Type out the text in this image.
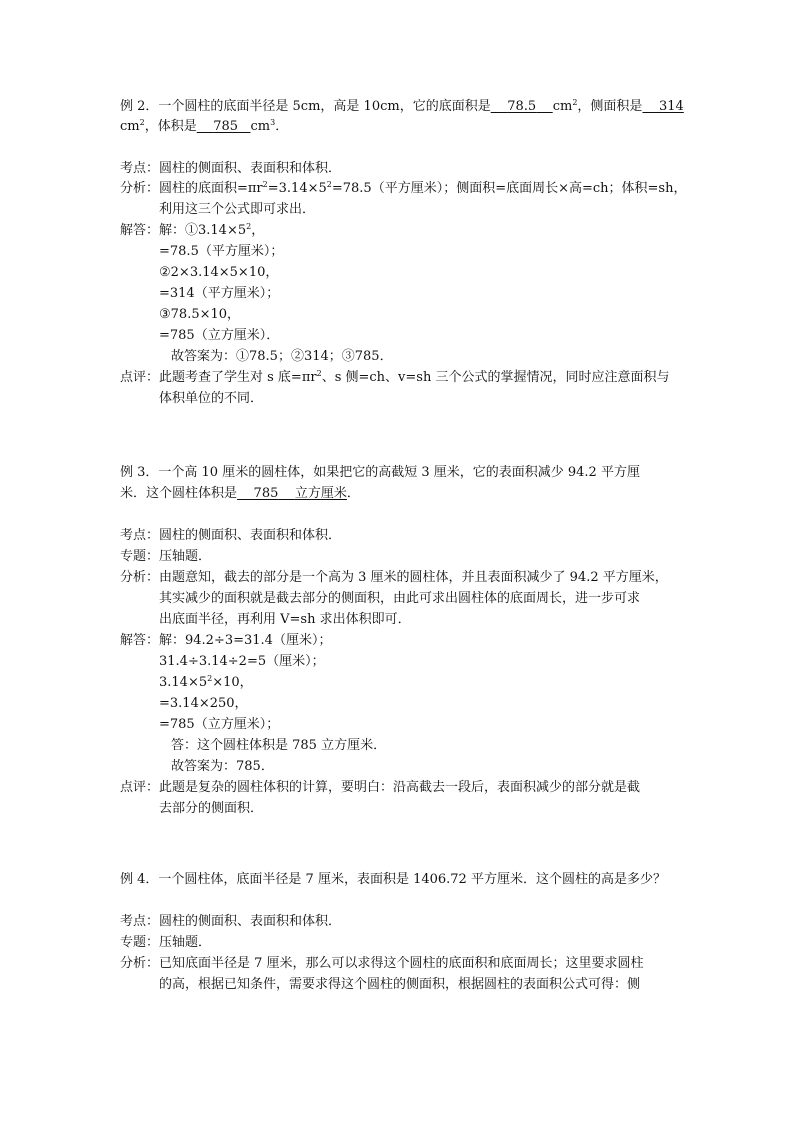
例 2．一个圆柱的底面半径是 5cm，高是 10cm，它的底面积是 78.5 $cm^2$，侧面积是 314
$cm^2$，体积是 785 $cm^3$．
考点：圆柱的侧面积、表面积和体积．
分析：圆柱的底面积$=\pi r^2=3.14\times 5^2=78.5$（平方厘米）；侧面积=底面周长×高=ch；体积=sh，
利用这三个公式即可求出．
解答：解：$①3.14\times 5^2$，
=78.5（平方厘米）；
②2×3.14×5×10，
=314（平方厘米）；
③78.5×10，
=785（立方厘米）．
故答案为：①78.5；②314；③785．
点评：此题考查了学生对 s 底$=\pi r^2$、s 侧=ch、v=sh 三个公式的掌握情况，同时应注意面积与
体积单位的不同．
例 3．一个高 10 厘米的圆柱体，如果把它的高截短 3 厘米，它的表面积减少 94.2 平方厘
米．这个圆柱体积是 785 立方厘米．
考点：圆柱的侧面积、表面积和体积．
专题：压轴题．
分析：由题意知，截去的部分是一个高为 3 厘米的圆柱体，并且表面积减少了 94.2 平方厘米，
其实减少的面积就是截去部分的侧面积，由此可求出圆柱体的底面周长，进一步可求
出底面半径，再利用 V=sh 求出体积即可．
解答：解：94.2÷3=31.4（厘米）；
31.4÷3.14÷2=5（厘米）；
$3.14\times 5^2\times 10$，
=3.14×250，
=785（立方厘米）；
答：这个圆柱体积是 785 立方厘米．
故答案为：785．
点评：此题是复杂的圆柱体积的计算，要明白：沿高截去一段后，表面积减少的部分就是截
去部分的侧面积．
例 4．一个圆柱体，底面半径是 7 厘米，表面积是 1406.72 平方厘米．这个圆柱的高是多少？
考点：圆柱的侧面积、表面积和体积．
专题：压轴题．
分析：已知底面半径是 7 厘米，那么可以求得这个圆柱的底面积和底面周长；这里要求圆柱
的高，根据已知条件，需要求得这个圆柱的侧面积，根据圆柱的表面积公式可得：侧
